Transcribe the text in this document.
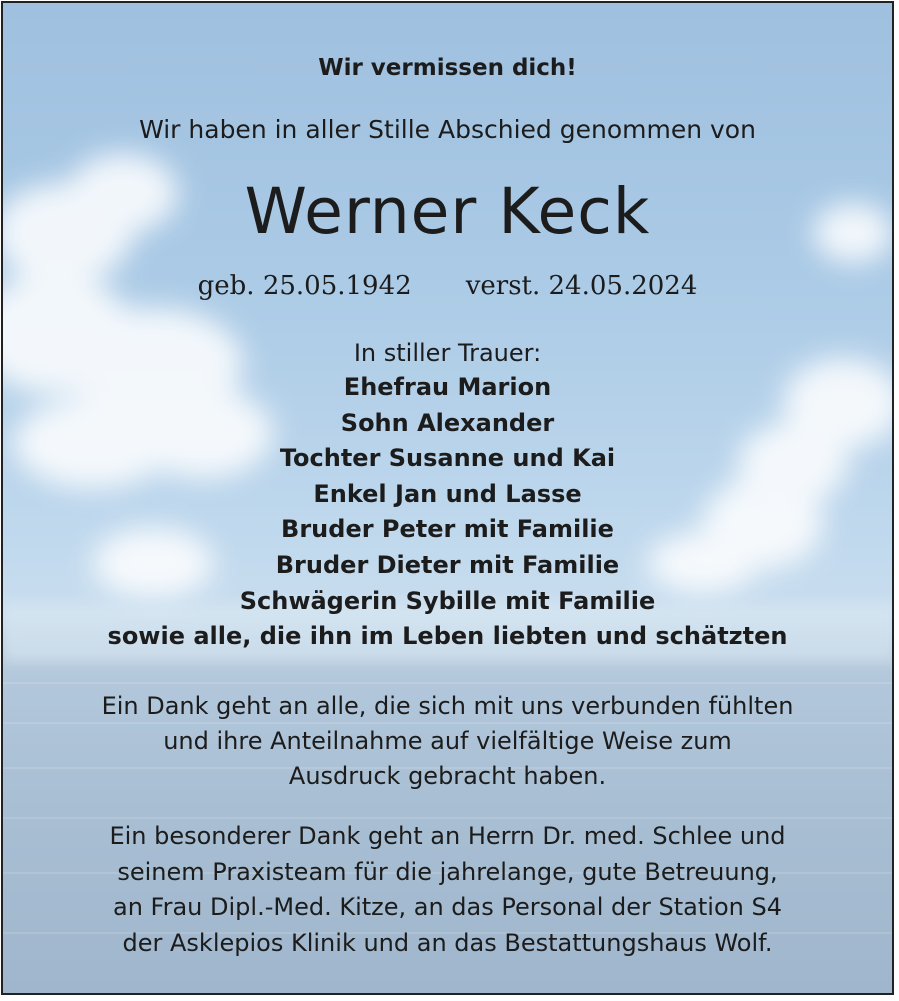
Wir vermissen dich!
Wir haben in aller Stille Abschied genommen von
Werner Keck
geb. 25.05.1942 verst. 24.05.2024
In stiller Trauer:
Ehefrau Marion
Sohn Alexander
Tochter Susanne und Kai
Enkel Jan und Lasse
Bruder Peter mit Familie
Bruder Dieter mit Familie
Schwägerin Sybille mit Familie
sowie alle, die ihn im Leben liebten und schätzten
Ein Dank geht an alle, die sich mit uns verbunden fühlten
und ihre Anteilnahme auf vielfältige Weise zum
Ausdruck gebracht haben.
Ein besonderer Dank geht an Herrn Dr. med. Schlee und
seinem Praxisteam für die jahrelange, gute Betreuung,
an Frau Dipl.-Med. Kitze, an das Personal der Station S4
der Asklepios Klinik und an das Bestattungshaus Wolf.
